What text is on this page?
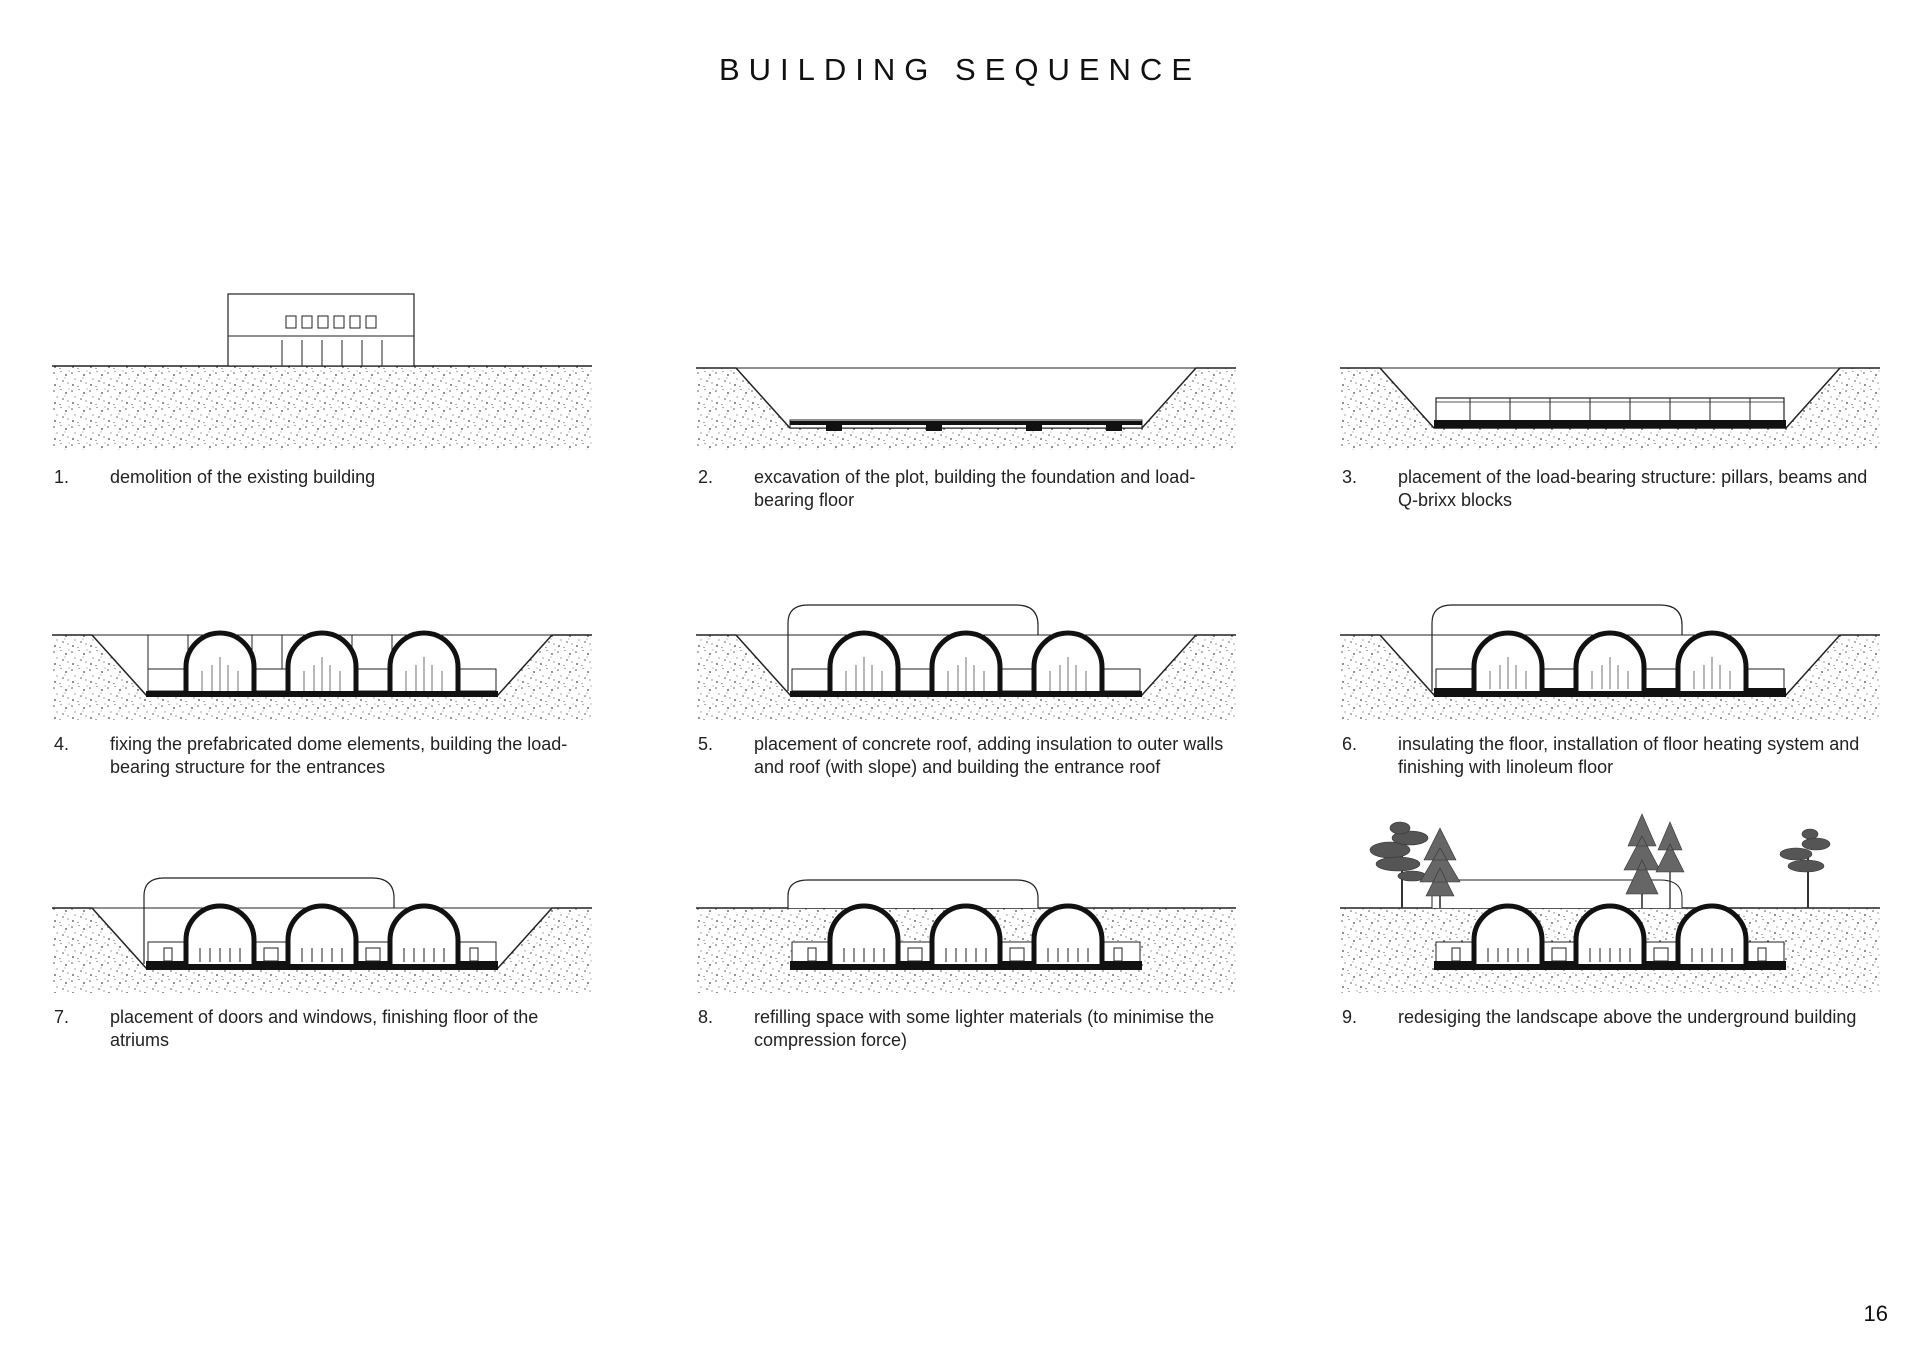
BUILDING SEQUENCE
1. demolition of the existing building	2. excavation of the plot, building the foundation and load-bearing floor
3. placement of the load-bearing structure: pillars, beams and Q-brixx blocks
4. fixing the prefabricated dome elements, building the load-bearing structure for the entrances
5. placement of concrete roof, adding insulation to outer walls and roof (with slope) and building the entrance roof
6. insulating the floor, installation of floor heating system and finishing with linoleum floor
7. placement of doors and windows, finishing floor of the atriums
8. refilling space with some lighter materials (to minimise the compression force)
9. redesiging the landscape above the underground building
16
